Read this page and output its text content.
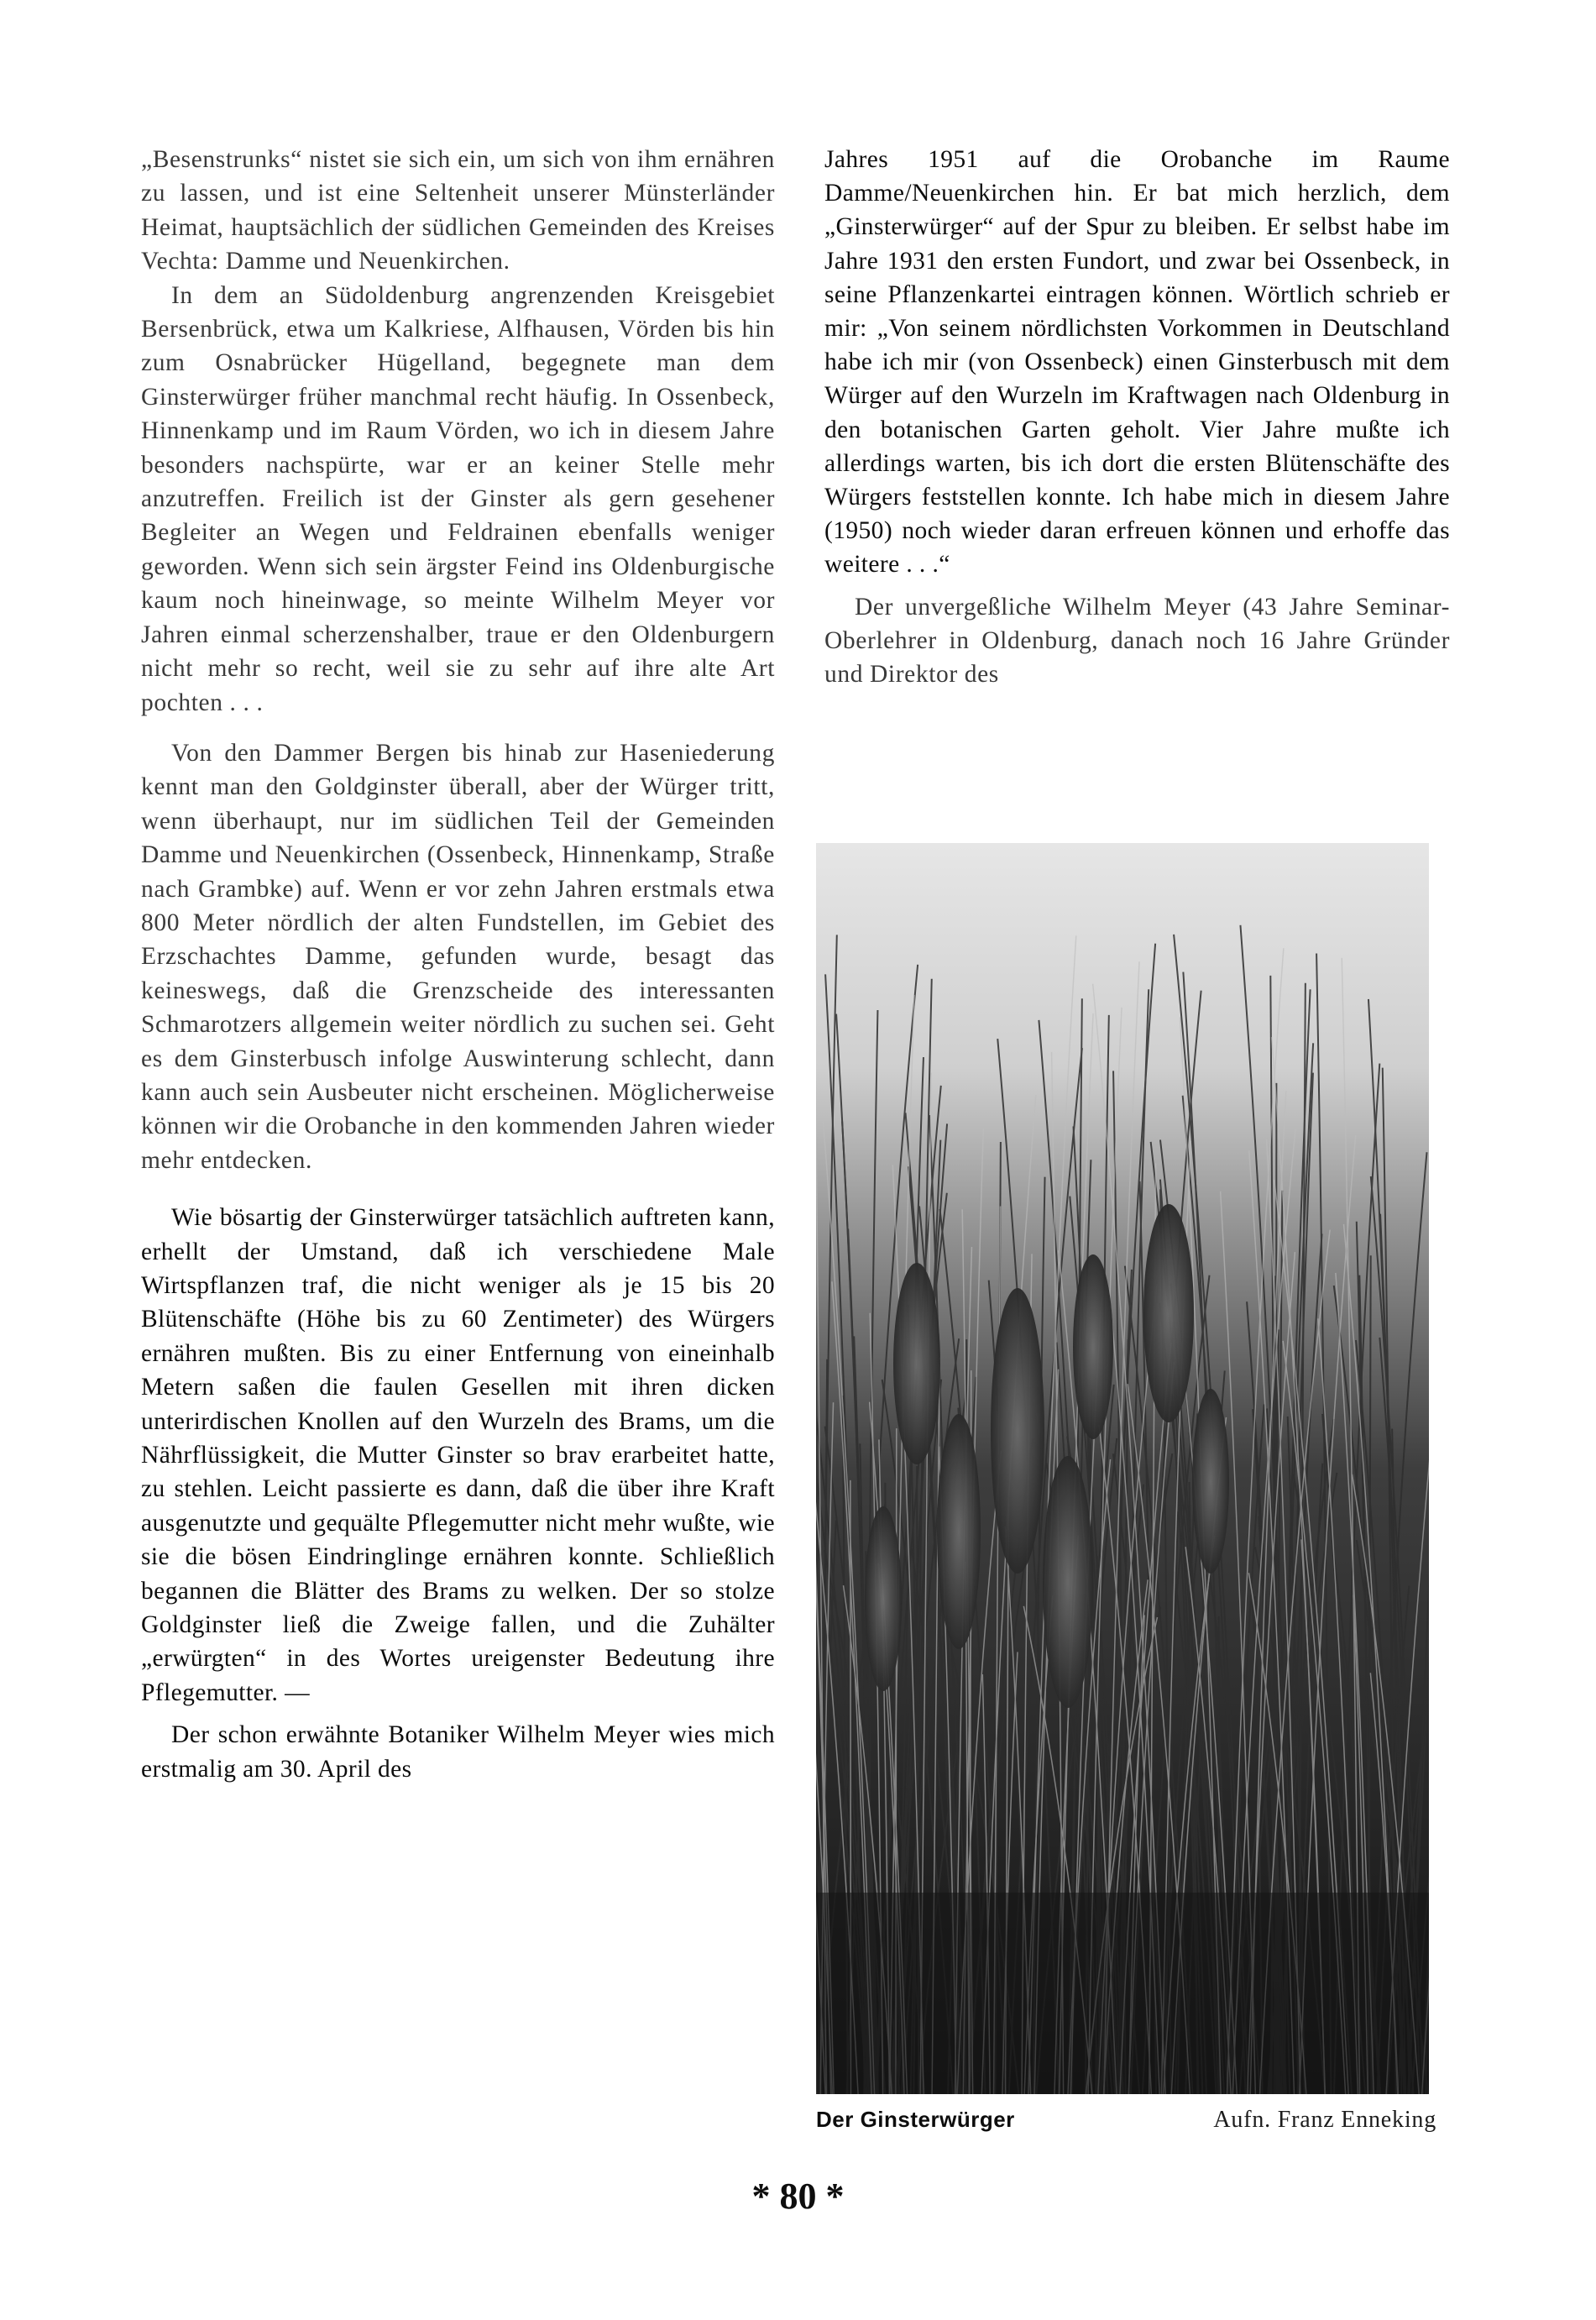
„Besenstrunks“ nistet sie sich ein, um sich von ihm ernähren zu lassen, und ist eine Seltenheit unserer Münsterländer Heimat, hauptsächlich der südlichen Gemeinden des Kreises Vechta: Damme und Neuenkirchen.

In dem an Südoldenburg angrenzenden Kreisgebiet Bersenbrück, etwa um Kalkriese, Alfhausen, Vörden bis hin zum Osnabrücker Hügelland, begegnete man dem Ginsterwürger früher manchmal recht häufig. In Ossenbeck, Hinnenkamp und im Raum Vörden, wo ich in diesem Jahre besonders nachspürte, war er an keiner Stelle mehr anzutreffen. Freilich ist der Ginster als gern gesehener Begleiter an Wegen und Feldrainen ebenfalls weniger geworden. Wenn sich sein ärgster Feind ins Oldenburgische kaum noch hineinwage, so meinte Wilhelm Meyer vor Jahren einmal scherzenshalber, traue er den Oldenburgern nicht mehr so recht, weil sie zu sehr auf ihre alte Art pochten . . .

Von den Dammer Bergen bis hinab zur Haseniederung kennt man den Goldginster überall, aber der Würger tritt, wenn überhaupt, nur im südlichen Teil der Gemeinden Damme und Neuenkirchen (Ossenbeck, Hinnenkamp, Straße nach Grambke) auf. Wenn er vor zehn Jahren erstmals etwa 800 Meter nördlich der alten Fundstellen, im Gebiet des Erzschachtes Damme, gefunden wurde, besagt das keineswegs, daß die Grenzscheide des interessanten Schmarotzers allgemein weiter nördlich zu suchen sei. Geht es dem Ginsterbusch infolge Auswinterung schlecht, dann kann auch sein Ausbeuter nicht erscheinen. Möglicherweise können wir die Orobanche in den kommenden Jahren wieder mehr entdecken.

Wie bösartig der Ginsterwürger tatsächlich auftreten kann, erhellt der Umstand, daß ich verschiedene Male Wirtspflanzen traf, die nicht weniger als je 15 bis 20 Blütenschäfte (Höhe bis zu 60 Zentimeter) des Würgers ernähren mußten. Bis zu einer Entfernung von eineinhalb Metern saßen die faulen Gesellen mit ihren dicken unterirdischen Knollen auf den Wurzeln des Brams, um die Nährflüssigkeit, die Mutter Ginster so brav erarbeitet hatte, zu stehlen. Leicht passierte es dann, daß die über ihre Kraft ausgenutzte und gequälte Pflegemutter nicht mehr wußte, wie sie die bösen Eindringlinge ernähren konnte. Schließlich begannen die Blätter des Brams zu welken. Der so stolze Goldginster ließ die Zweige fallen, und die Zuhälter „erwürgten“ in des Wortes ureigenster Bedeutung ihre Pflegemutter. —

Der schon erwähnte Botaniker Wilhelm Meyer wies mich erstmalig am 30. April des

Jahres 1951 auf die Orobanche im Raume Damme/Neuenkirchen hin. Er bat mich herzlich, dem „Ginsterwürger“ auf der Spur zu bleiben. Er selbst habe im Jahre 1931 den ersten Fundort, und zwar bei Ossenbeck, in seine Pflanzenkartei eintragen können. Wörtlich schrieb er mir: „Von seinem nördlichsten Vorkommen in Deutschland habe ich mir (von Ossenbeck) einen Ginsterbusch mit dem Würger auf den Wurzeln im Kraftwagen nach Oldenburg in den botanischen Garten geholt. Vier Jahre mußte ich allerdings warten, bis ich dort die ersten Blütenschäfte des Würgers feststellen konnte. Ich habe mich in diesem Jahre (1950) noch wieder daran erfreuen können und erhoffe das weitere . . .“

Der unvergeßliche Wilhelm Meyer (43 Jahre Seminar-Oberlehrer in Oldenburg, danach noch 16 Jahre Gründer und Direktor des

Der Ginsterwürger	Aufn. Franz Enneking
* 80 *
